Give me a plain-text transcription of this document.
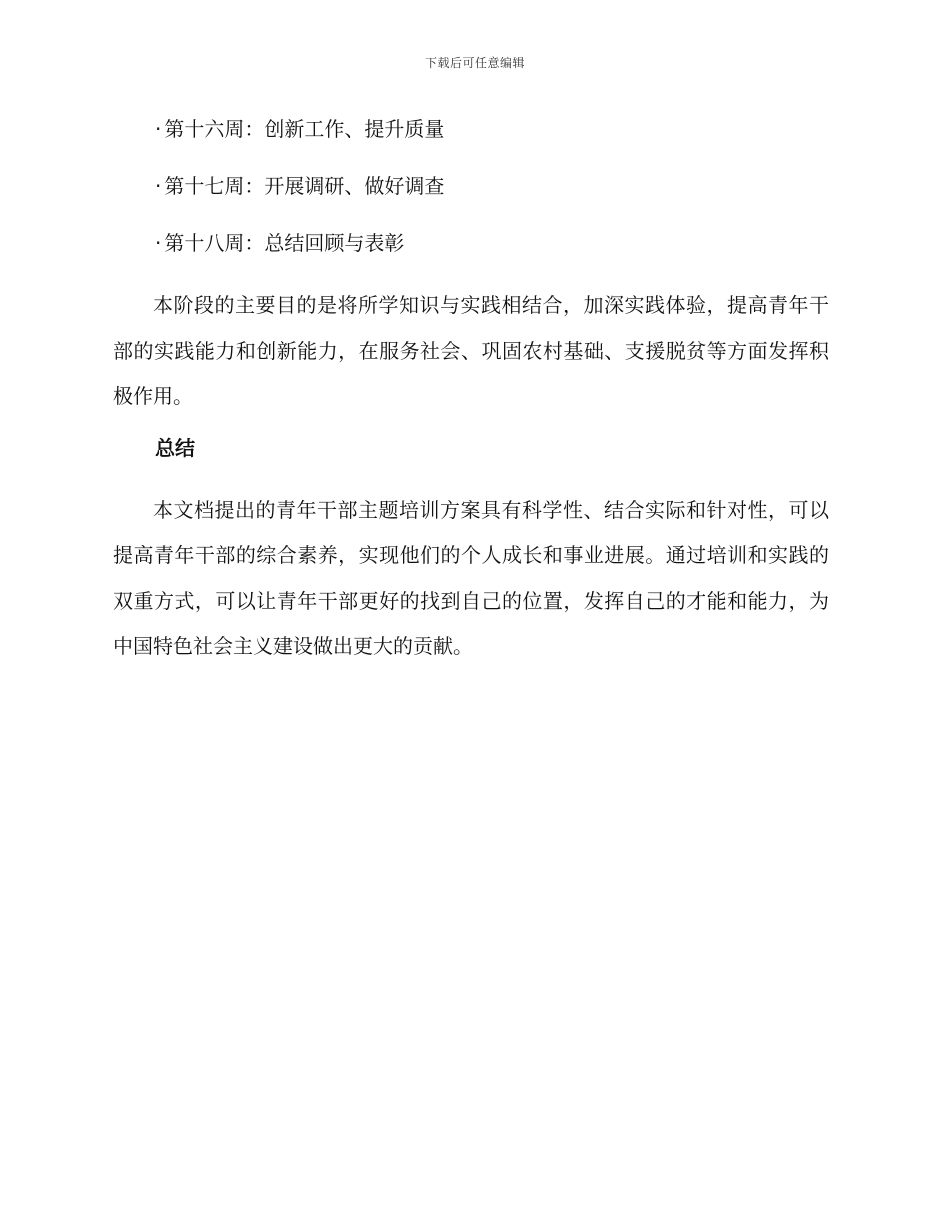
下载后可任意编辑
· 第十六周：创新工作、提升质量
· 第十七周：开展调研、做好调查
· 第十八周：总结回顾与表彰

本阶段的主要目的是将所学知识与实践相结合，加深实践体验，提高青年干部的实践能力和创新能力，在服务社会、巩固农村基础、支援脱贫等方面发挥积极作用。

总结

本文档提出的青年干部主题培训方案具有科学性、结合实际和针对性，可以提高青年干部的综合素养，实现他们的个人成长和事业进展。通过培训和实践的双重方式，可以让青年干部更好的找到自己的位置，发挥自己的才能和能力，为中国特色社会主义建设做出更大的贡献。
